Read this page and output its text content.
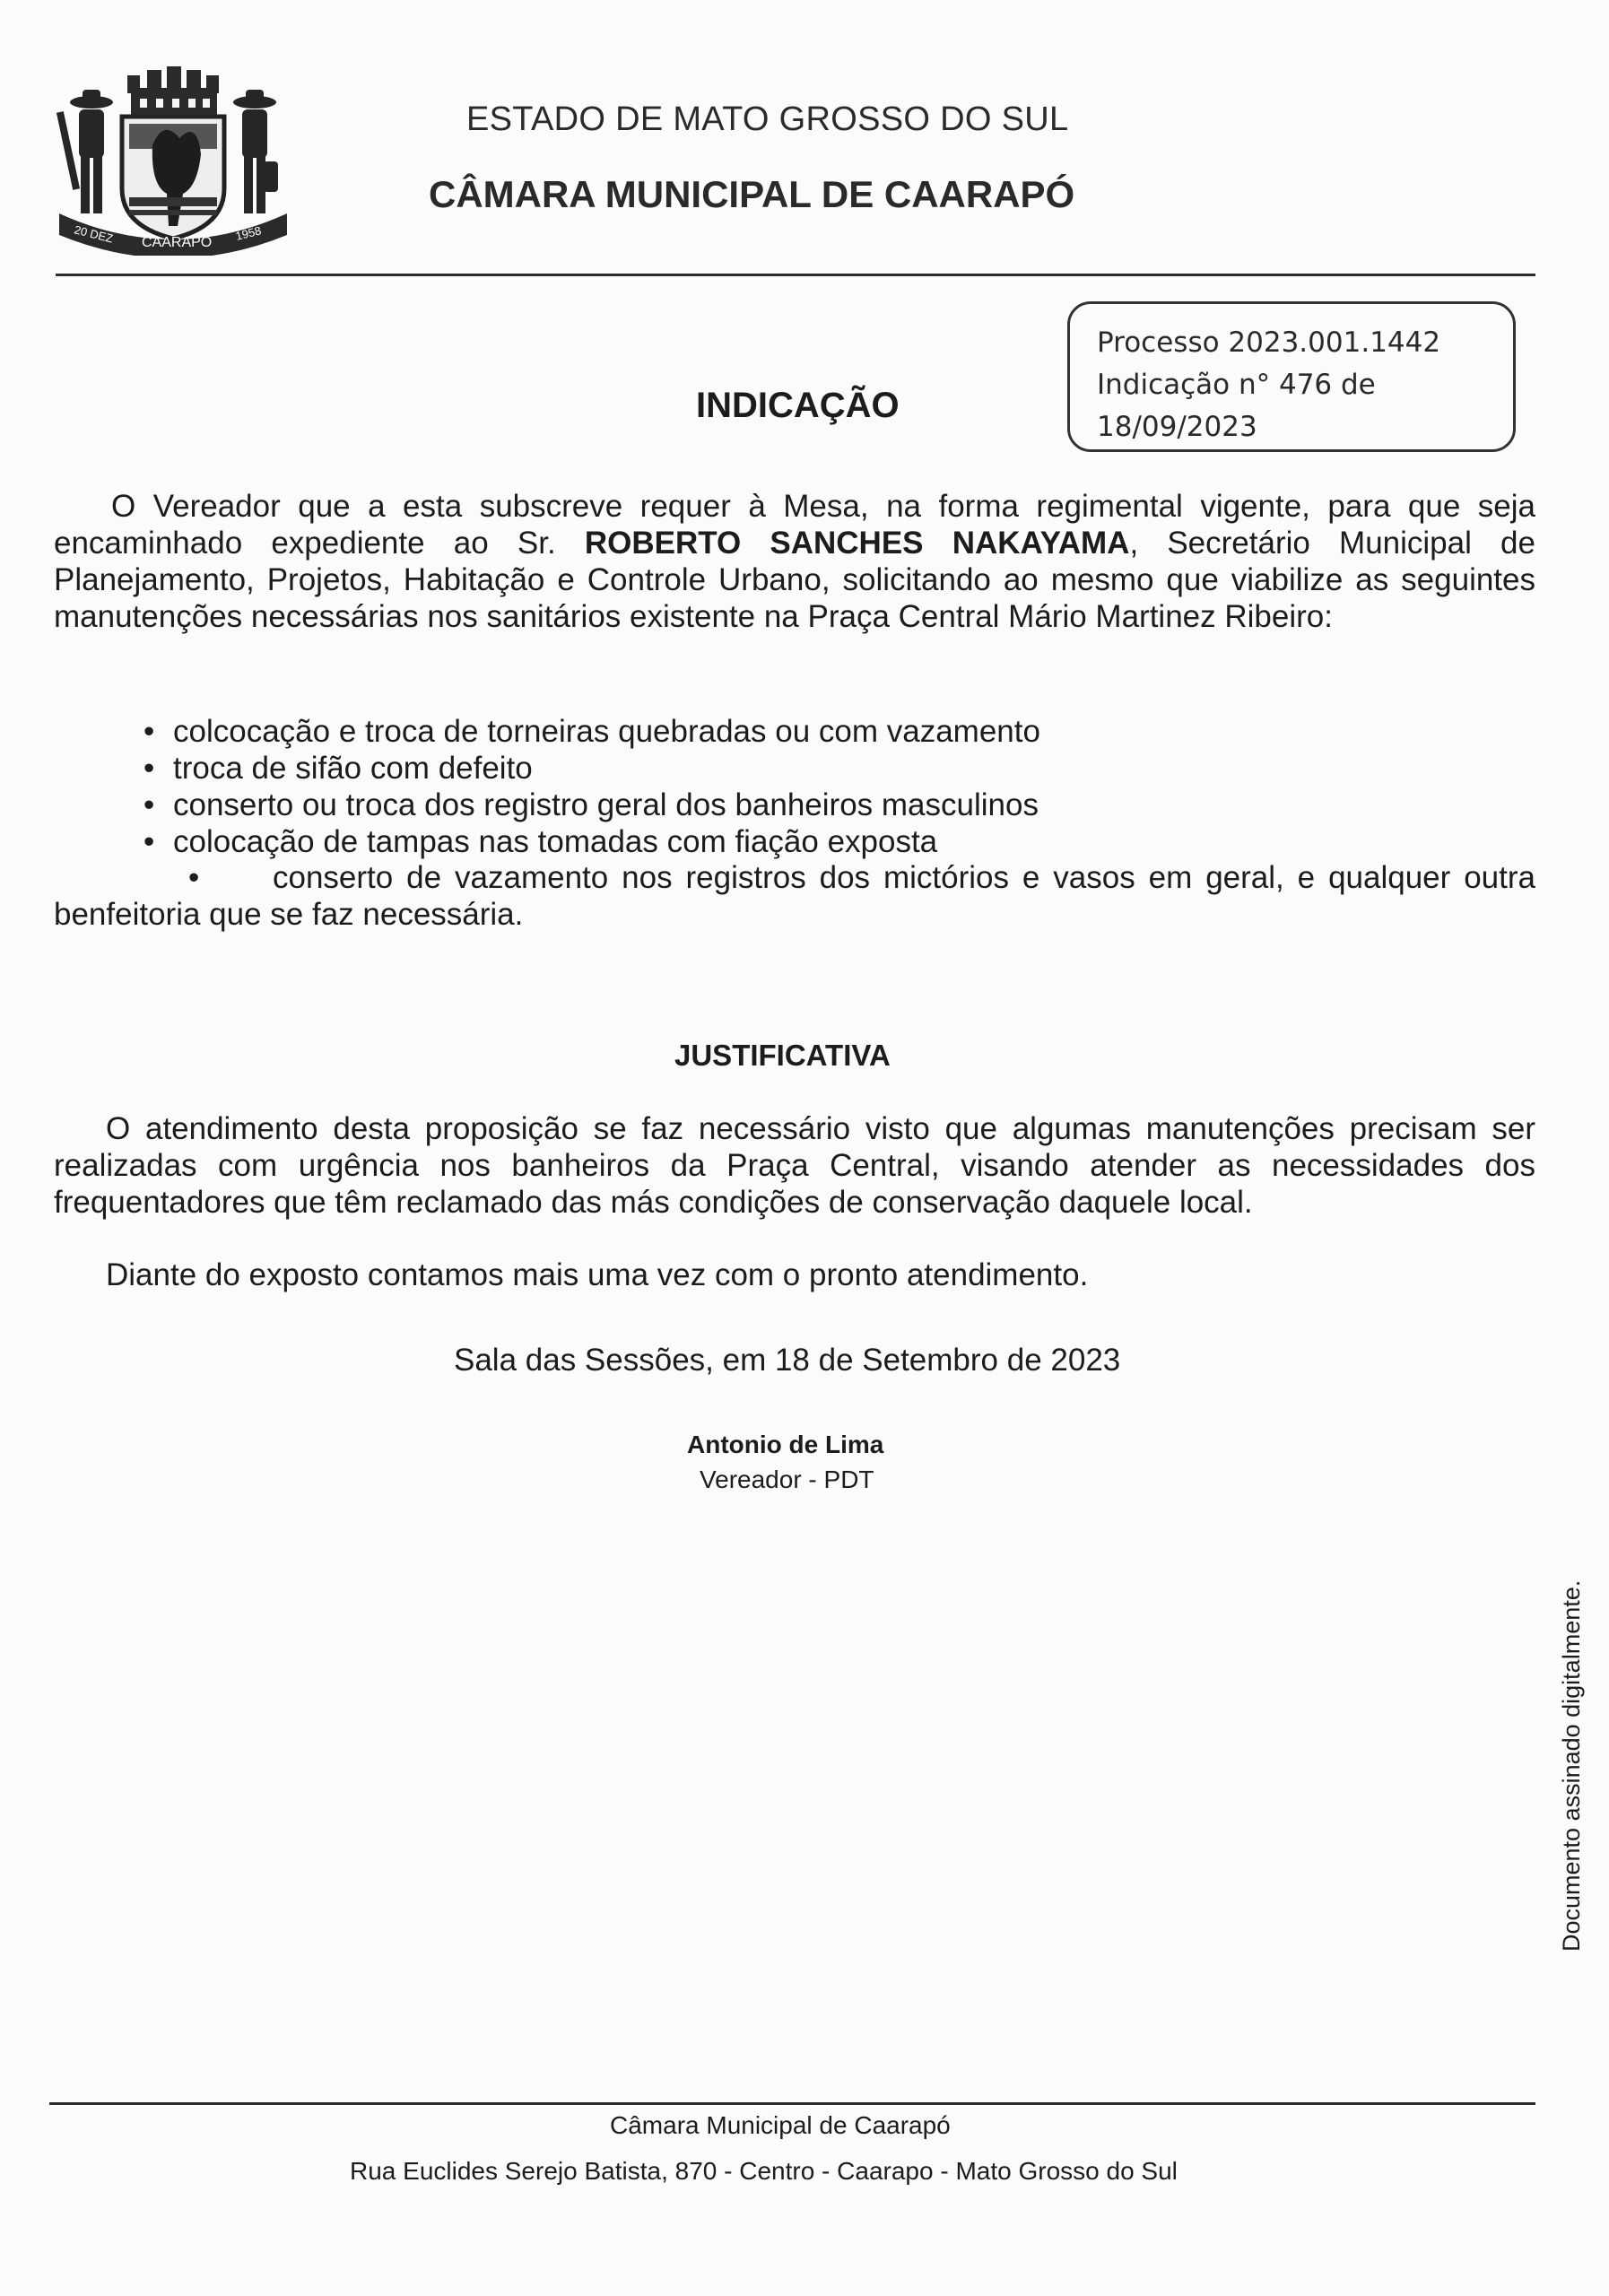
20 DEZ CAARAPÓ 1958
ESTADO DE MATO GROSSO DO SUL
CÂMARA MUNICIPAL DE CAARAPÓ
Processo 2023.001.1442
Indicação n° 476 de
18/09/2023
INDICAÇÃO
O Vereador que a esta subscreve requer à Mesa, na forma regimental vigente, para que seja encaminhado expediente ao Sr. ROBERTO SANCHES NAKAYAMA, Secretário Municipal de Planejamento, Projetos, Habitação e Controle Urbano, solicitando ao mesmo que viabilize as seguintes manutenções necessárias nos sanitários existente na Praça Central Mário Martinez Ribeiro:
• colcocação e troca de torneiras quebradas ou com vazamento
• troca de sifão com defeito
• conserto ou troca dos registro geral dos banheiros masculinos
• colocação de tampas nas tomadas com fiação exposta
• conserto de vazamento nos registros dos mictórios e vasos em geral, e qualquer outra benfeitoria que se faz necessária.
JUSTIFICATIVA
O atendimento desta proposição se faz necessário visto que algumas manutenções precisam ser realizadas com urgência nos banheiros da Praça Central, visando atender as necessidades dos frequentadores que têm reclamado das más condições de conservação daquele local.
Diante do exposto contamos mais uma vez com o pronto atendimento.
Sala das Sessões, em 18 de Setembro de 2023
Antonio de Lima
Vereador - PDT
Documento assinado digitalmente.
Câmara Municipal de Caarapó
Rua Euclides Serejo Batista, 870 - Centro - Caarapo - Mato Grosso do Sul
